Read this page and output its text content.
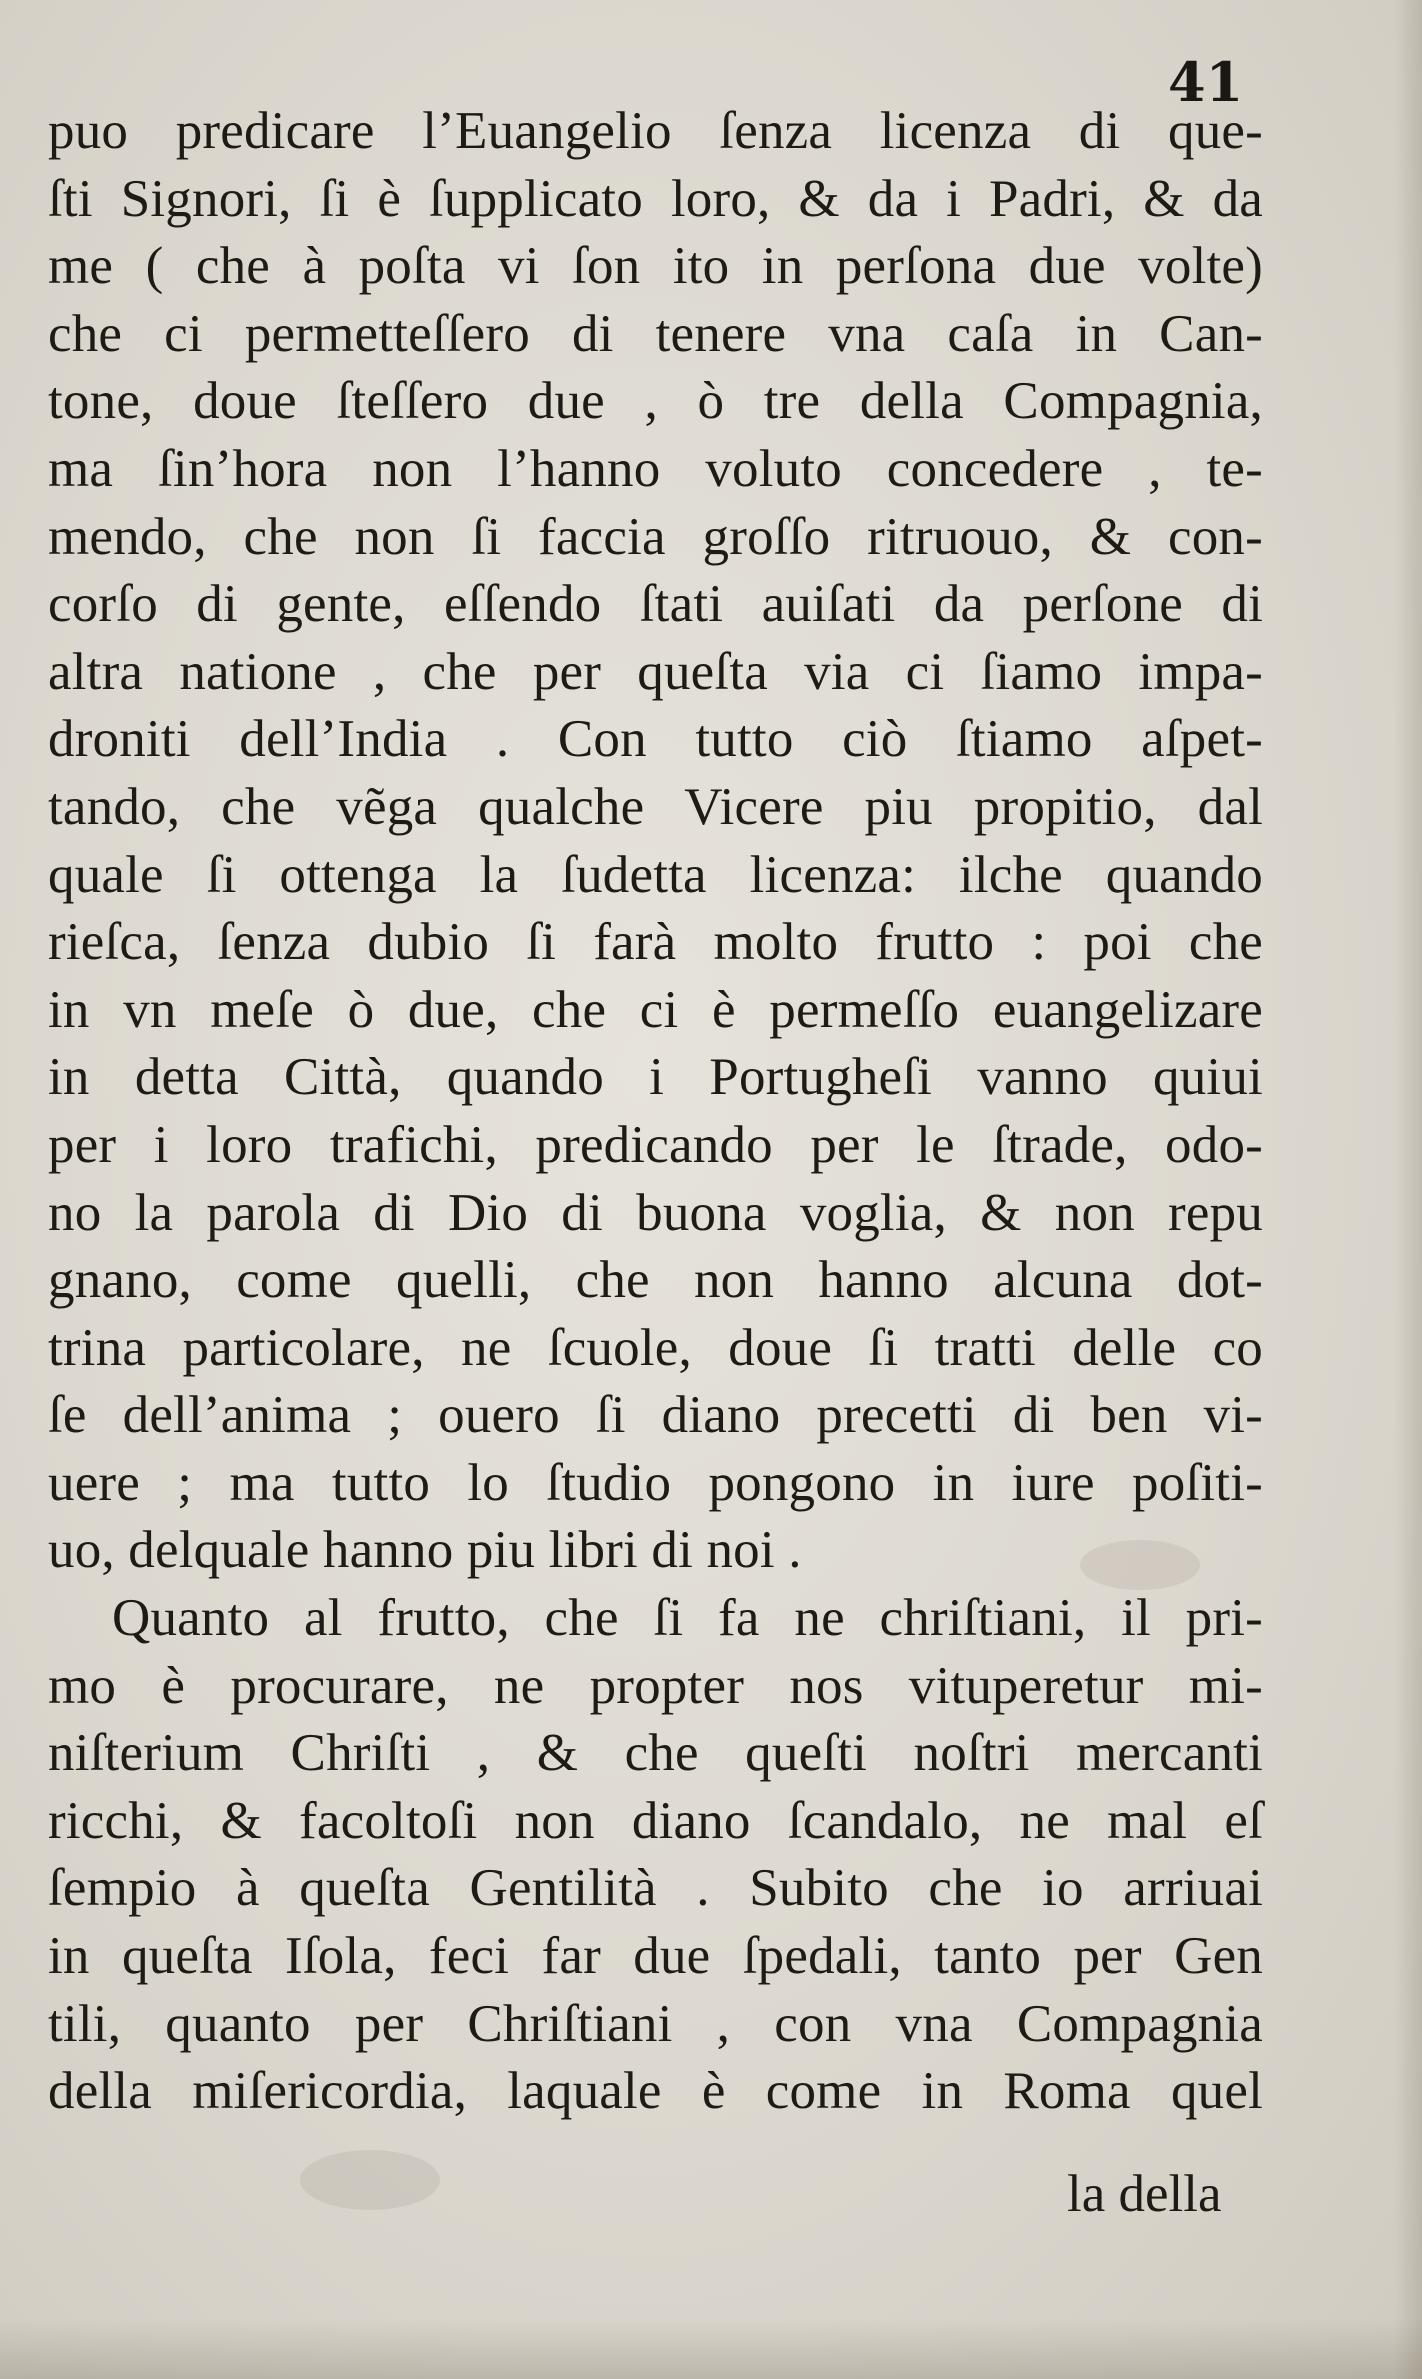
41
puo predicare l’Euangelio ſenza licenza di que-
ſti Signori, ſi è ſupplicato loro, & da i Padri, & da
me ( che à poſta vi ſon ito in perſona due volte)
che ci permetteſſero di tenere vna caſa in Can-
tone, doue ſteſſero due , ò tre della Compagnia,
ma ſin’hora non l’hanno voluto concedere , te-
mendo, che non ſi faccia groſſo ritruouo, & con-
corſo di gente, eſſendo ſtati auiſati da perſone di
altra natione , che per queſta via ci ſiamo impa-
droniti dell’India . Con tutto ciò ſtiamo aſpet-
tando, che vẽga qualche Vicere piu propitio, dal
quale ſi ottenga la ſudetta licenza: ilche quando
rieſca, ſenza dubio ſi farà molto frutto : poi che
in vn meſe ò due, che ci è permeſſo euangelizare
in detta Città, quando i Portugheſi vanno quiui
per i loro trafichi, predicando per le ſtrade, odo-
no la parola di Dio di buona voglia, & non repu
gnano, come quelli, che non hanno alcuna dot-
trina particolare, ne ſcuole, doue ſi tratti delle co
ſe dell’anima ; ouero ſi diano precetti di ben vi-
uere ; ma tutto lo ſtudio pongono in iure poſiti-
uo, delquale hanno piu libri di noi .
Quanto al frutto, che ſi fa ne chriſtiani, il pri-
mo è procurare, ne propter nos vituperetur mi-
niſterium Chriſti , & che queſti noſtri mercanti
ricchi, & facoltoſi non diano ſcandalo, ne mal eſ
ſempio à queſta Gentilità . Subito che io arriuai
in queſta Iſola, feci far due ſpedali, tanto per Gen
tili, quanto per Chriſtiani , con vna Compagnia
della miſericordia, laquale è come in Roma quel
la della
